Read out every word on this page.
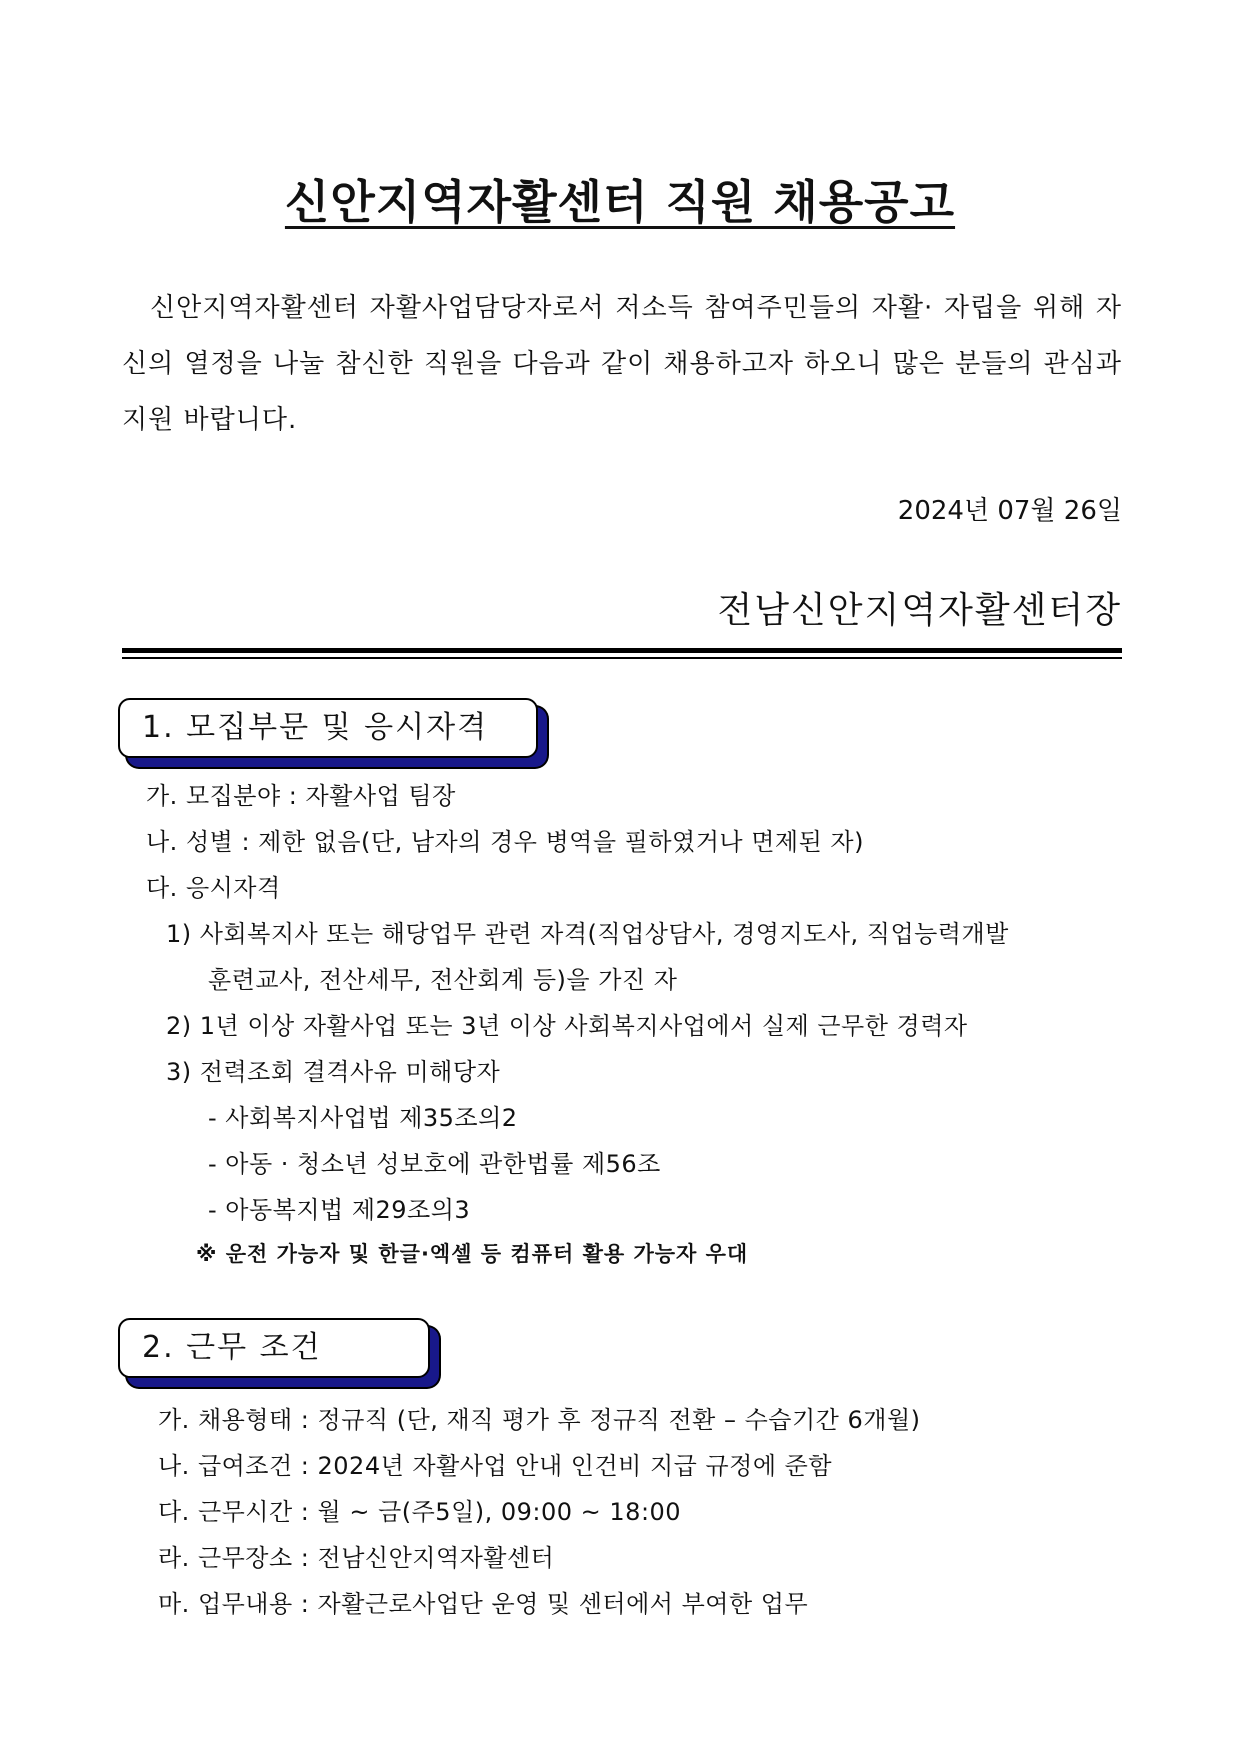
신안지역자활센터 직원 채용공고

신안지역자활센터 자활사업담당자로서 저소득 참여주민들의 자활· 자립을 위해 자신의 열정을 나눌 참신한 직원을 다음과 같이 채용하고자 하오니 많은 분들의 관심과 지원 바랍니다.

2024년 07월 26일
전남신안지역자활센터장
1. 모집부문 및 응시자격
가. 모집분야 : 자활사업 팀장
나. 성별 : 제한 없음(단, 남자의 경우 병역을 필하였거나 면제된 자)
다. 응시자격
1) 사회복지사 또는 해당업무 관련 자격(직업상담사, 경영지도사, 직업능력개발
훈련교사, 전산세무, 전산회계 등)을 가진 자
2) 1년 이상 자활사업 또는 3년 이상 사회복지사업에서 실제 근무한 경력자
3) 전력조회 결격사유 미해당자
- 사회복지사업법 제35조의2
- 아동 · 청소년 성보호에 관한법률 제56조
- 아동복지법 제29조의3
※ 운전 가능자 및 한글·엑셀 등 컴퓨터 활용 가능자 우대
2. 근무 조건
가. 채용형태 : 정규직 (단, 재직 평가 후 정규직 전환 – 수습기간 6개월)
나. 급여조건 : 2024년 자활사업 안내 인건비 지급 규정에 준함
다. 근무시간 : 월 ~ 금(주5일), 09:00 ~ 18:00
라. 근무장소 : 전남신안지역자활센터
마. 업무내용 : 자활근로사업단 운영 및 센터에서 부여한 업무
